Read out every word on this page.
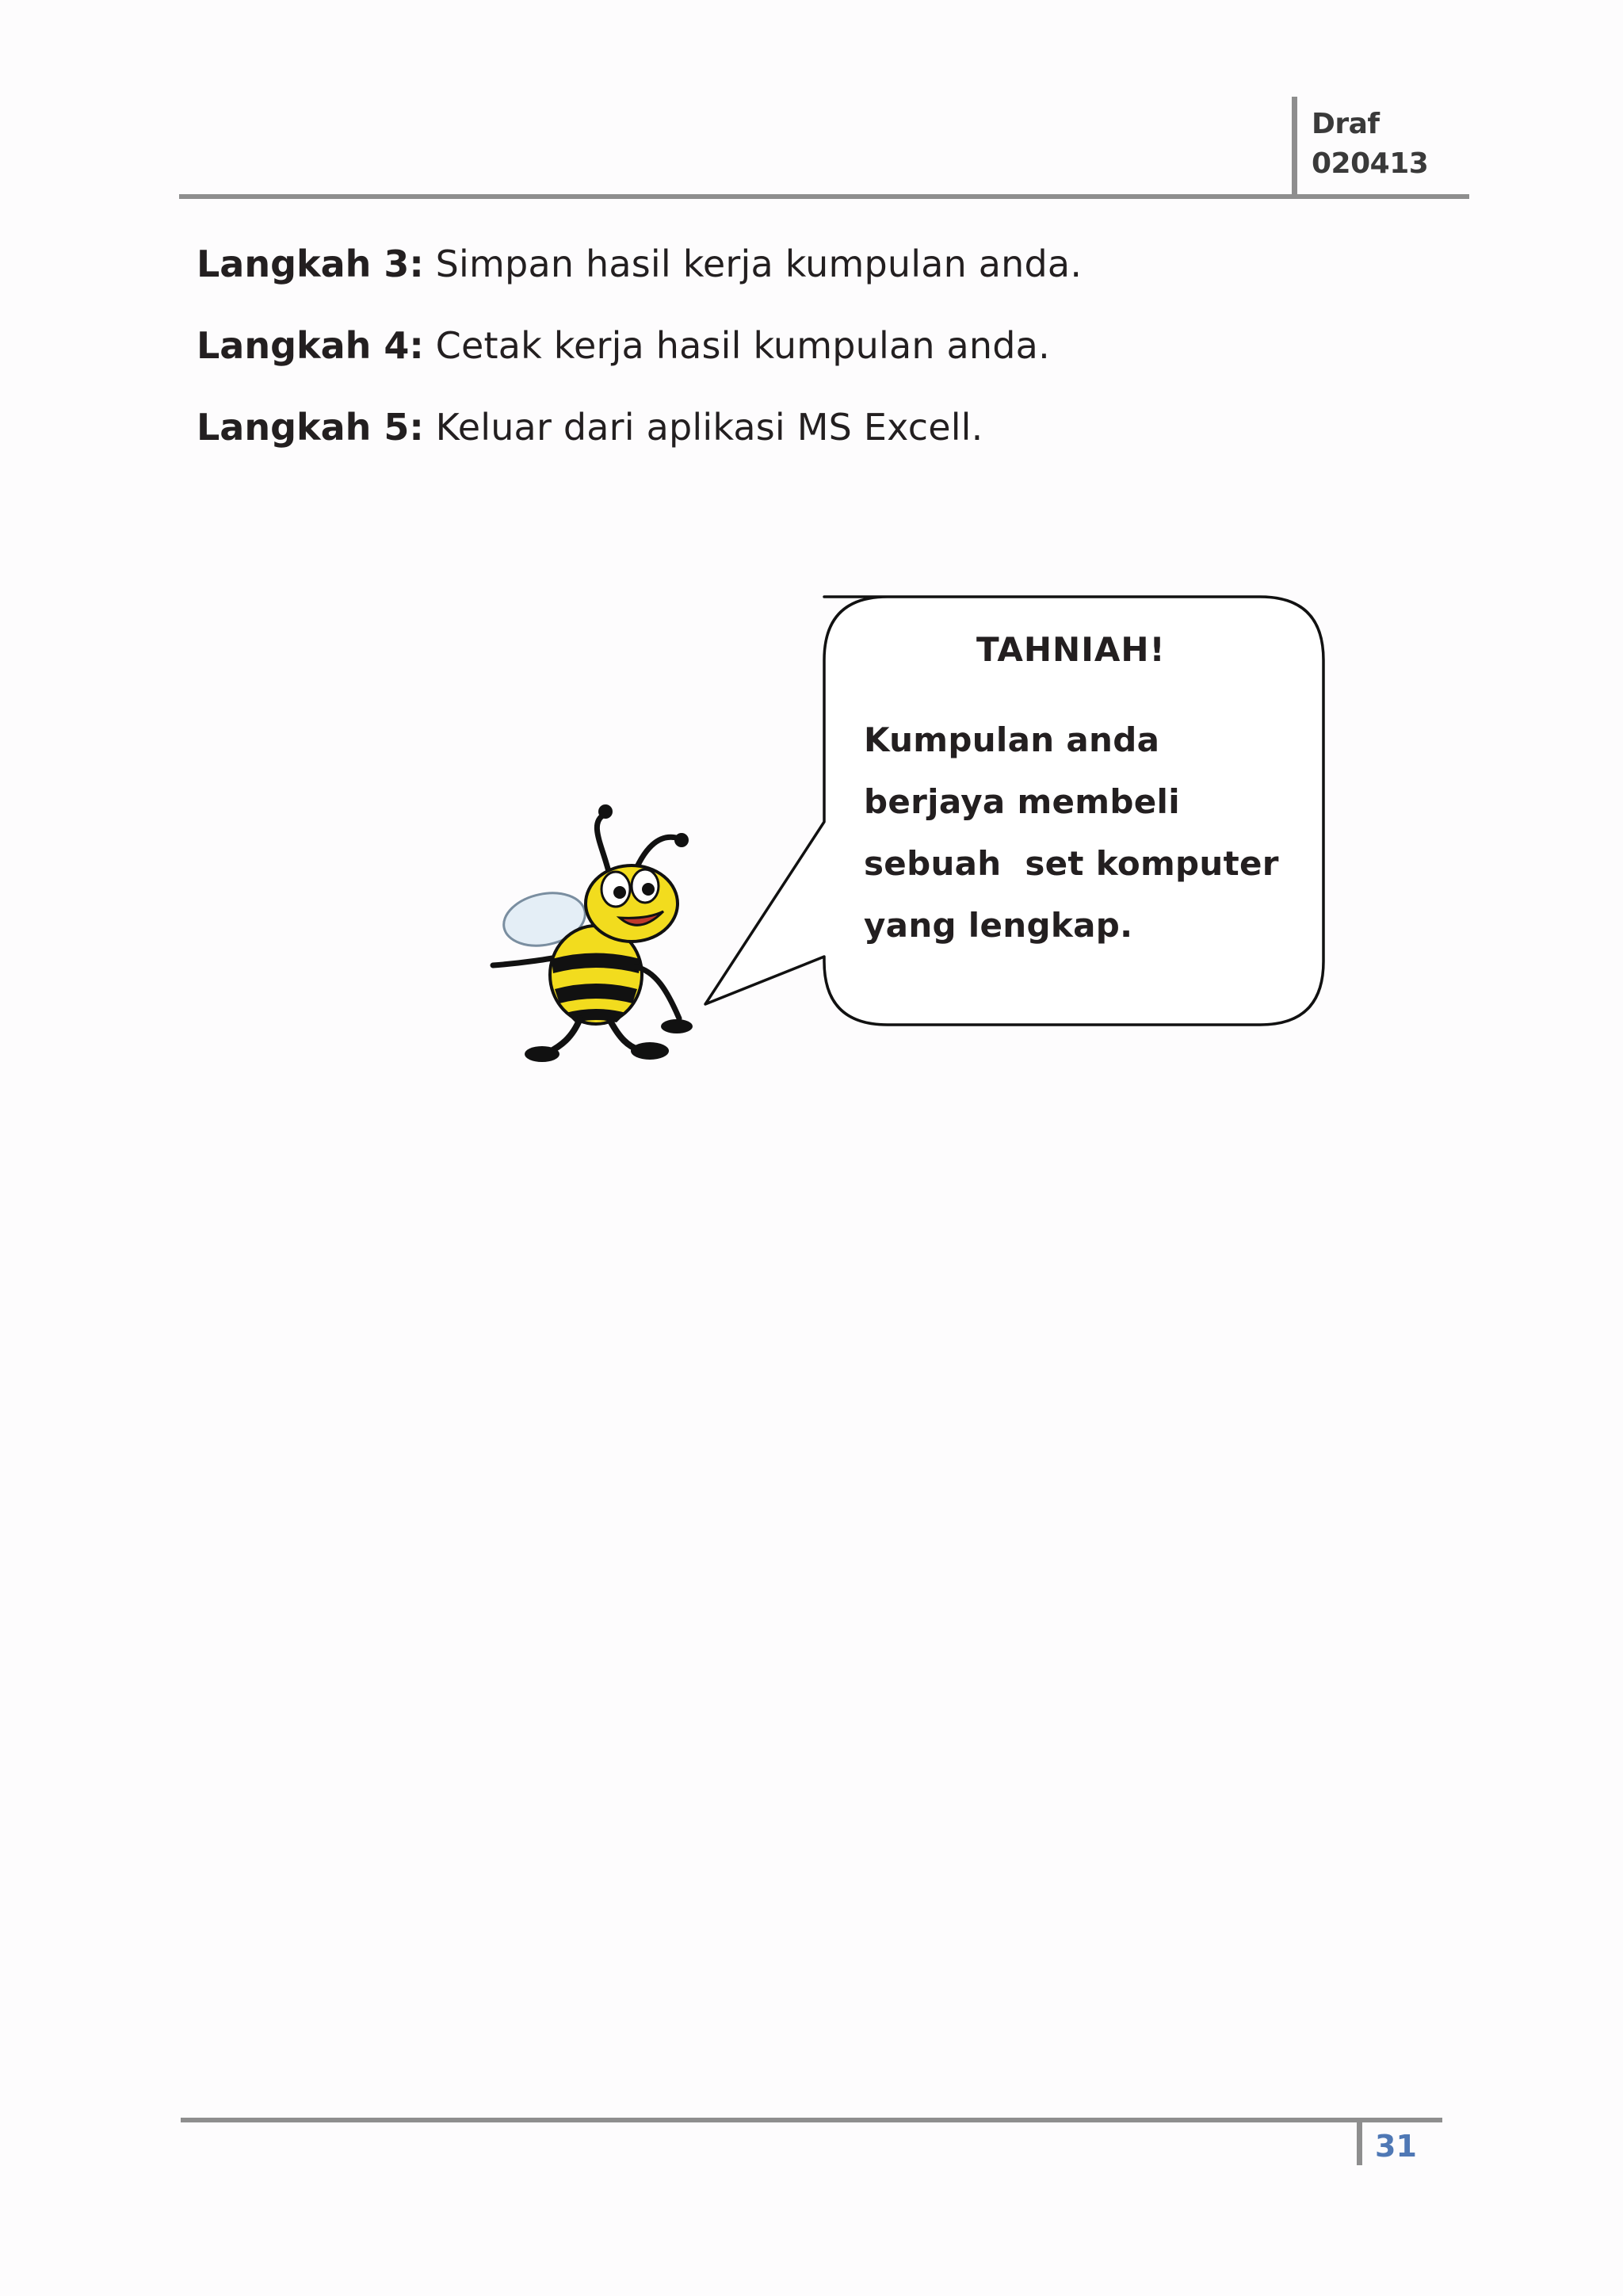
Draf
020413
Langkah 3: Simpan hasil kerja kumpulan anda.
Langkah 4: Cetak kerja hasil kumpulan anda.
Langkah 5: Keluar dari aplikasi MS Excell.
TAHNIAH!
Kumpulan anda
berjaya membeli
sebuah  set komputer
yang lengkap.
31
